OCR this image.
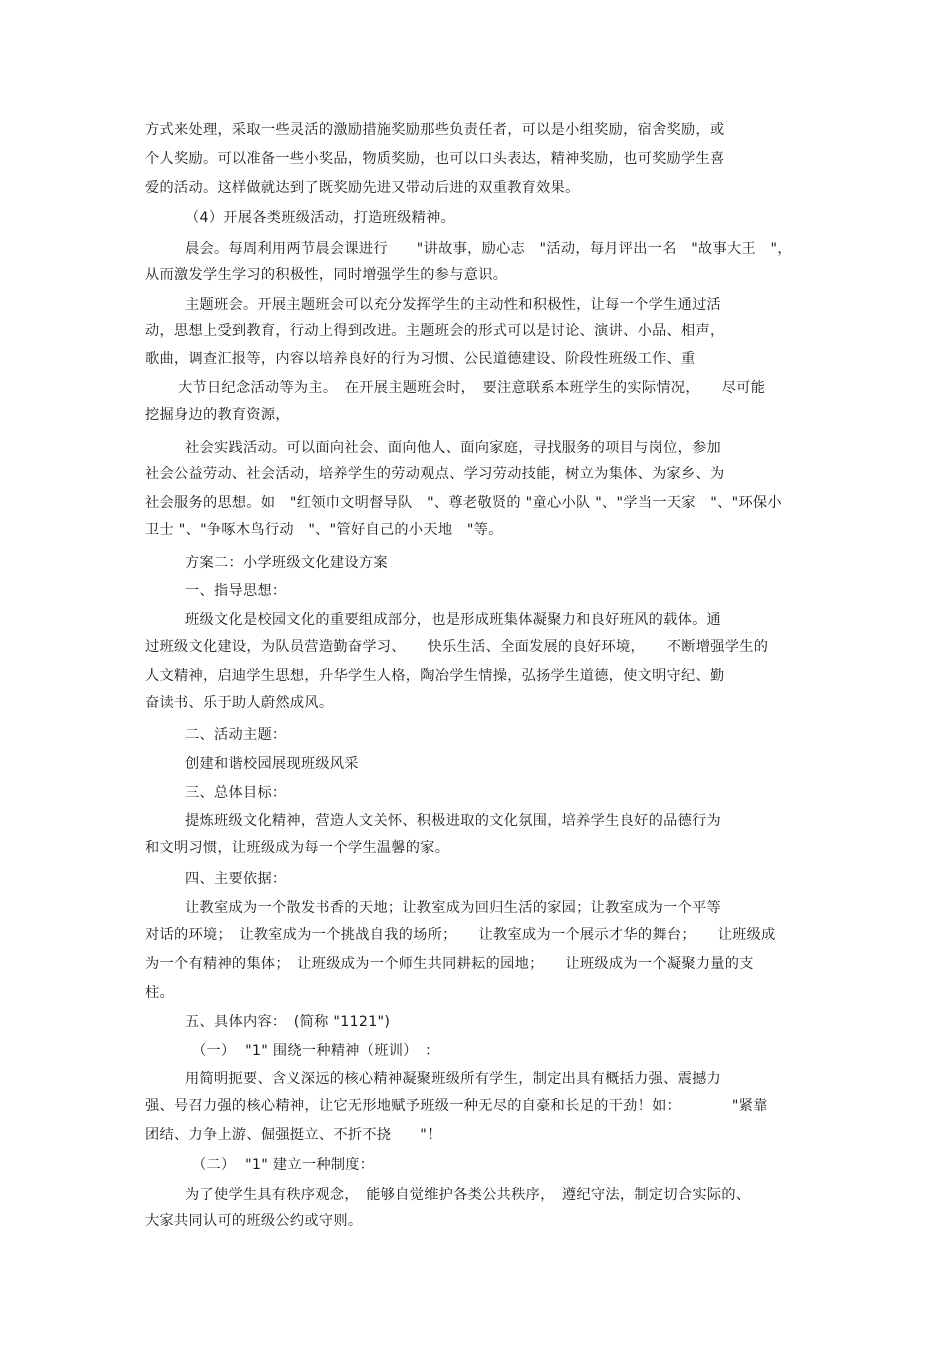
方式来处理，采取一些灵活的激励措施奖励那些负责任者，可以是小组奖励，宿舍奖励，或
个人奖励。可以准备一些小奖品，物质奖励，也可以口头表达，精神奖励，也可奖励学生喜
爱的活动。这样做就达到了既奖励先进又带动后进的双重教育效果。
（4）开展各类班级活动，打造班级精神。
晨会。每周利用两节晨会课进行　　"讲故事，励心志　"活动，每月评出一名　"故事大王　"，
从而激发学生学习的积极性，同时增强学生的参与意识。
主题班会。开展主题班会可以充分发挥学生的主动性和积极性，让每一个学生通过活
动，思想上受到教育，行动上得到改进。主题班会的形式可以是讨论、演讲、小品、相声，
歌曲，调查汇报等，内容以培养良好的行为习惯、公民道德建设、阶段性班级工作、重
大节日纪念活动等为主。　在开展主题班会时，　要注意联系本班学生的实际情况，　　尽可能
挖掘身边的教育资源，
社会实践活动。可以面向社会、面向他人、面向家庭，寻找服务的项目与岗位，参加
社会公益劳动、社会活动，培养学生的劳动观点、学习劳动技能，树立为集体、为家乡、为
社会服务的思想。如　"红领巾文明督导队　"、尊老敬贤的 "童心小队 "、"学当一天家　"、"环保小
卫士 "、"争啄木鸟行动　"、"管好自己的小天地　"等。
方案二：小学班级文化建设方案
一、指导思想：
班级文化是校园文化的重要组成部分，也是形成班集体凝聚力和良好班风的载体。通
过班级文化建设，为队员营造勤奋学习、　　快乐生活、全面发展的良好环境，　　不断增强学生的
人文精神，启迪学生思想，升华学生人格，陶冶学生情操，弘扬学生道德，使文明守纪、勤
奋读书、乐于助人蔚然成风。
二、活动主题：
创建和谐校园展现班级风采
三、总体目标：
提炼班级文化精神，营造人文关怀、积极进取的文化氛围，培养学生良好的品德行为
和文明习惯，让班级成为每一个学生温馨的家。
四、主要依据：
让教室成为一个散发书香的天地；让教室成为回归生活的家园；让教室成为一个平等
对话的环境；　让教室成为一个挑战自我的场所；　　让教室成为一个展示才华的舞台；　　让班级成
为一个有精神的集体；　让班级成为一个师生共同耕耘的园地；　　让班级成为一个凝聚力量的支
柱。
五、具体内容：　(简称 "1121")
（一）  "1" 围绕一种精神（班训）　：
用简明扼要、含义深远的核心精神凝聚班级所有学生，制定出具有概括力强、震撼力
强、号召力强的核心精神，让它无形地赋予班级一种无尽的自豪和长足的干劲！如：　　　　"紧靠
团结、力争上游、倔强挺立、不折不挠　　"！
（二）  "1" 建立一种制度：
为了使学生具有秩序观念，　能够自觉维护各类公共秩序，　遵纪守法，制定切合实际的、
大家共同认可的班级公约或守则。
